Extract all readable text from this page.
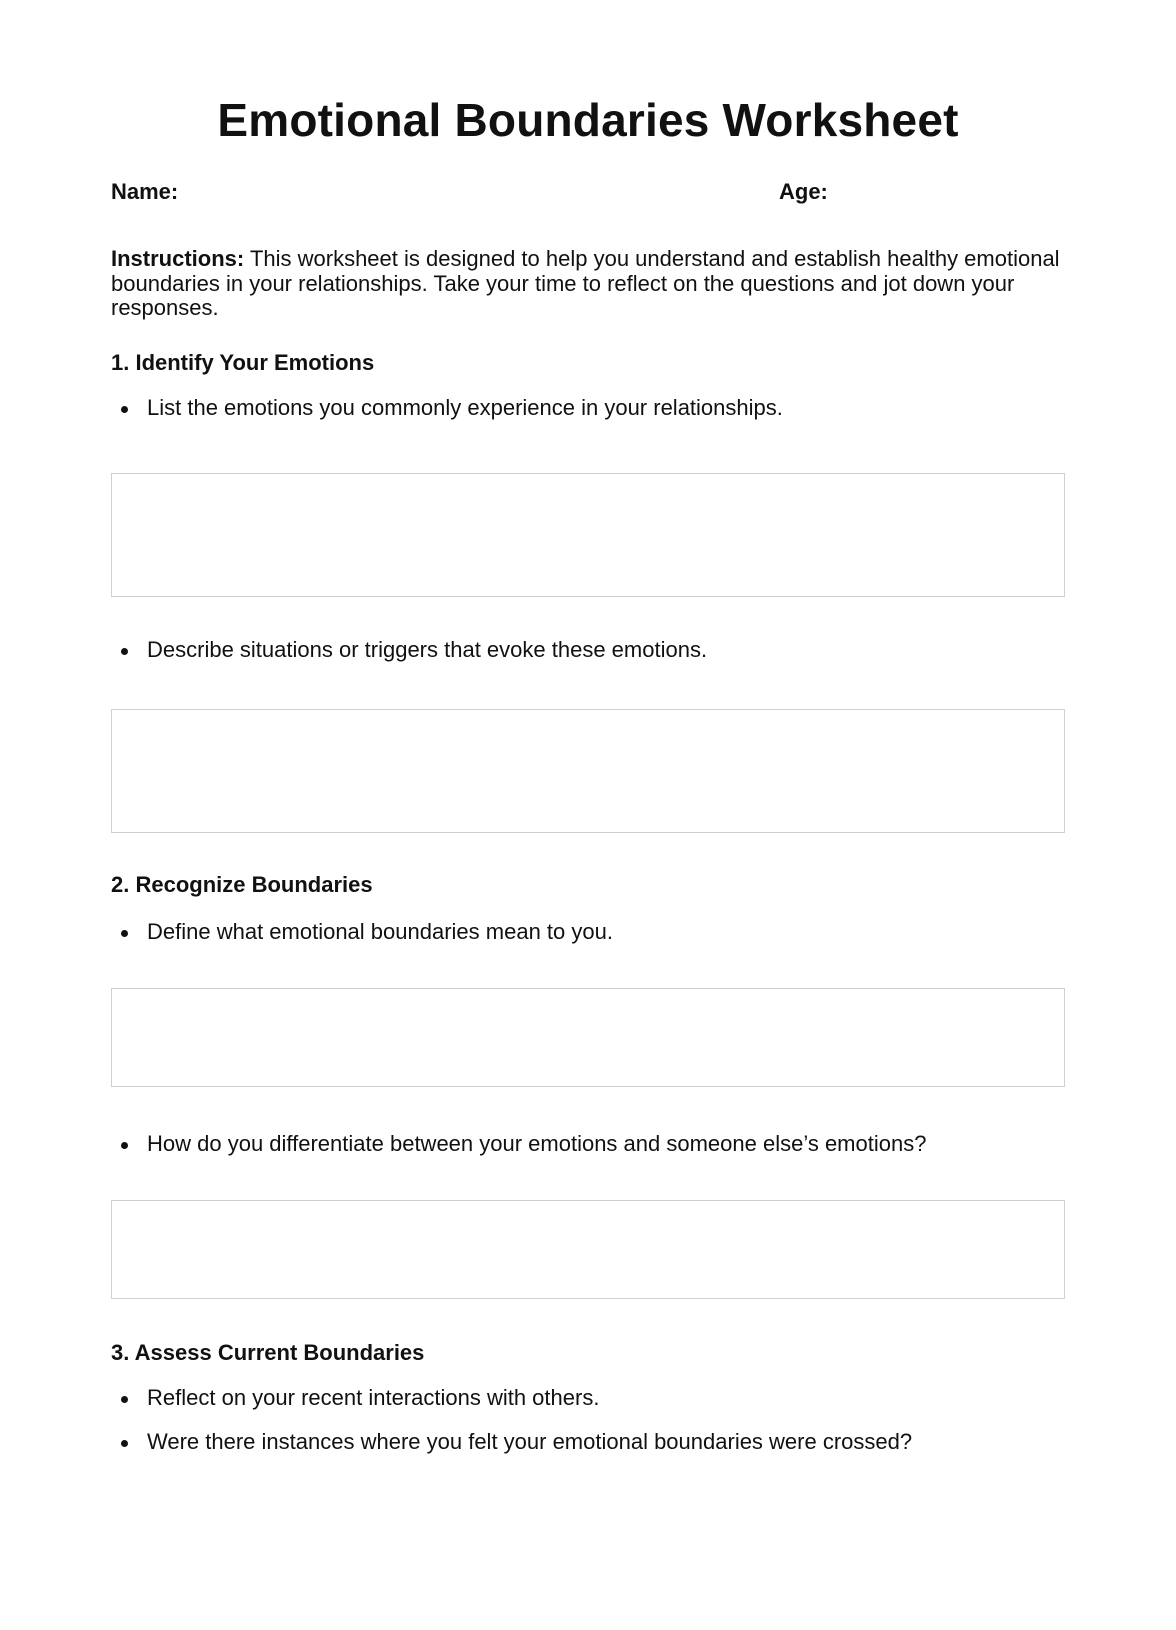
Emotional Boundaries Worksheet
Name:	Age:

Instructions: This worksheet is designed to help you understand and establish healthy emotional boundaries in your relationships. Take your time to reflect on the questions and jot down your responses.

1. Identify Your Emotions
List the emotions you commonly experience in your relationships.
Describe situations or triggers that evoke these emotions.
2. Recognize Boundaries
Define what emotional boundaries mean to you.
How do you differentiate between your emotions and someone else’s emotions?
3. Assess Current Boundaries
Reflect on your recent interactions with others.
Were there instances where you felt your emotional boundaries were crossed?
